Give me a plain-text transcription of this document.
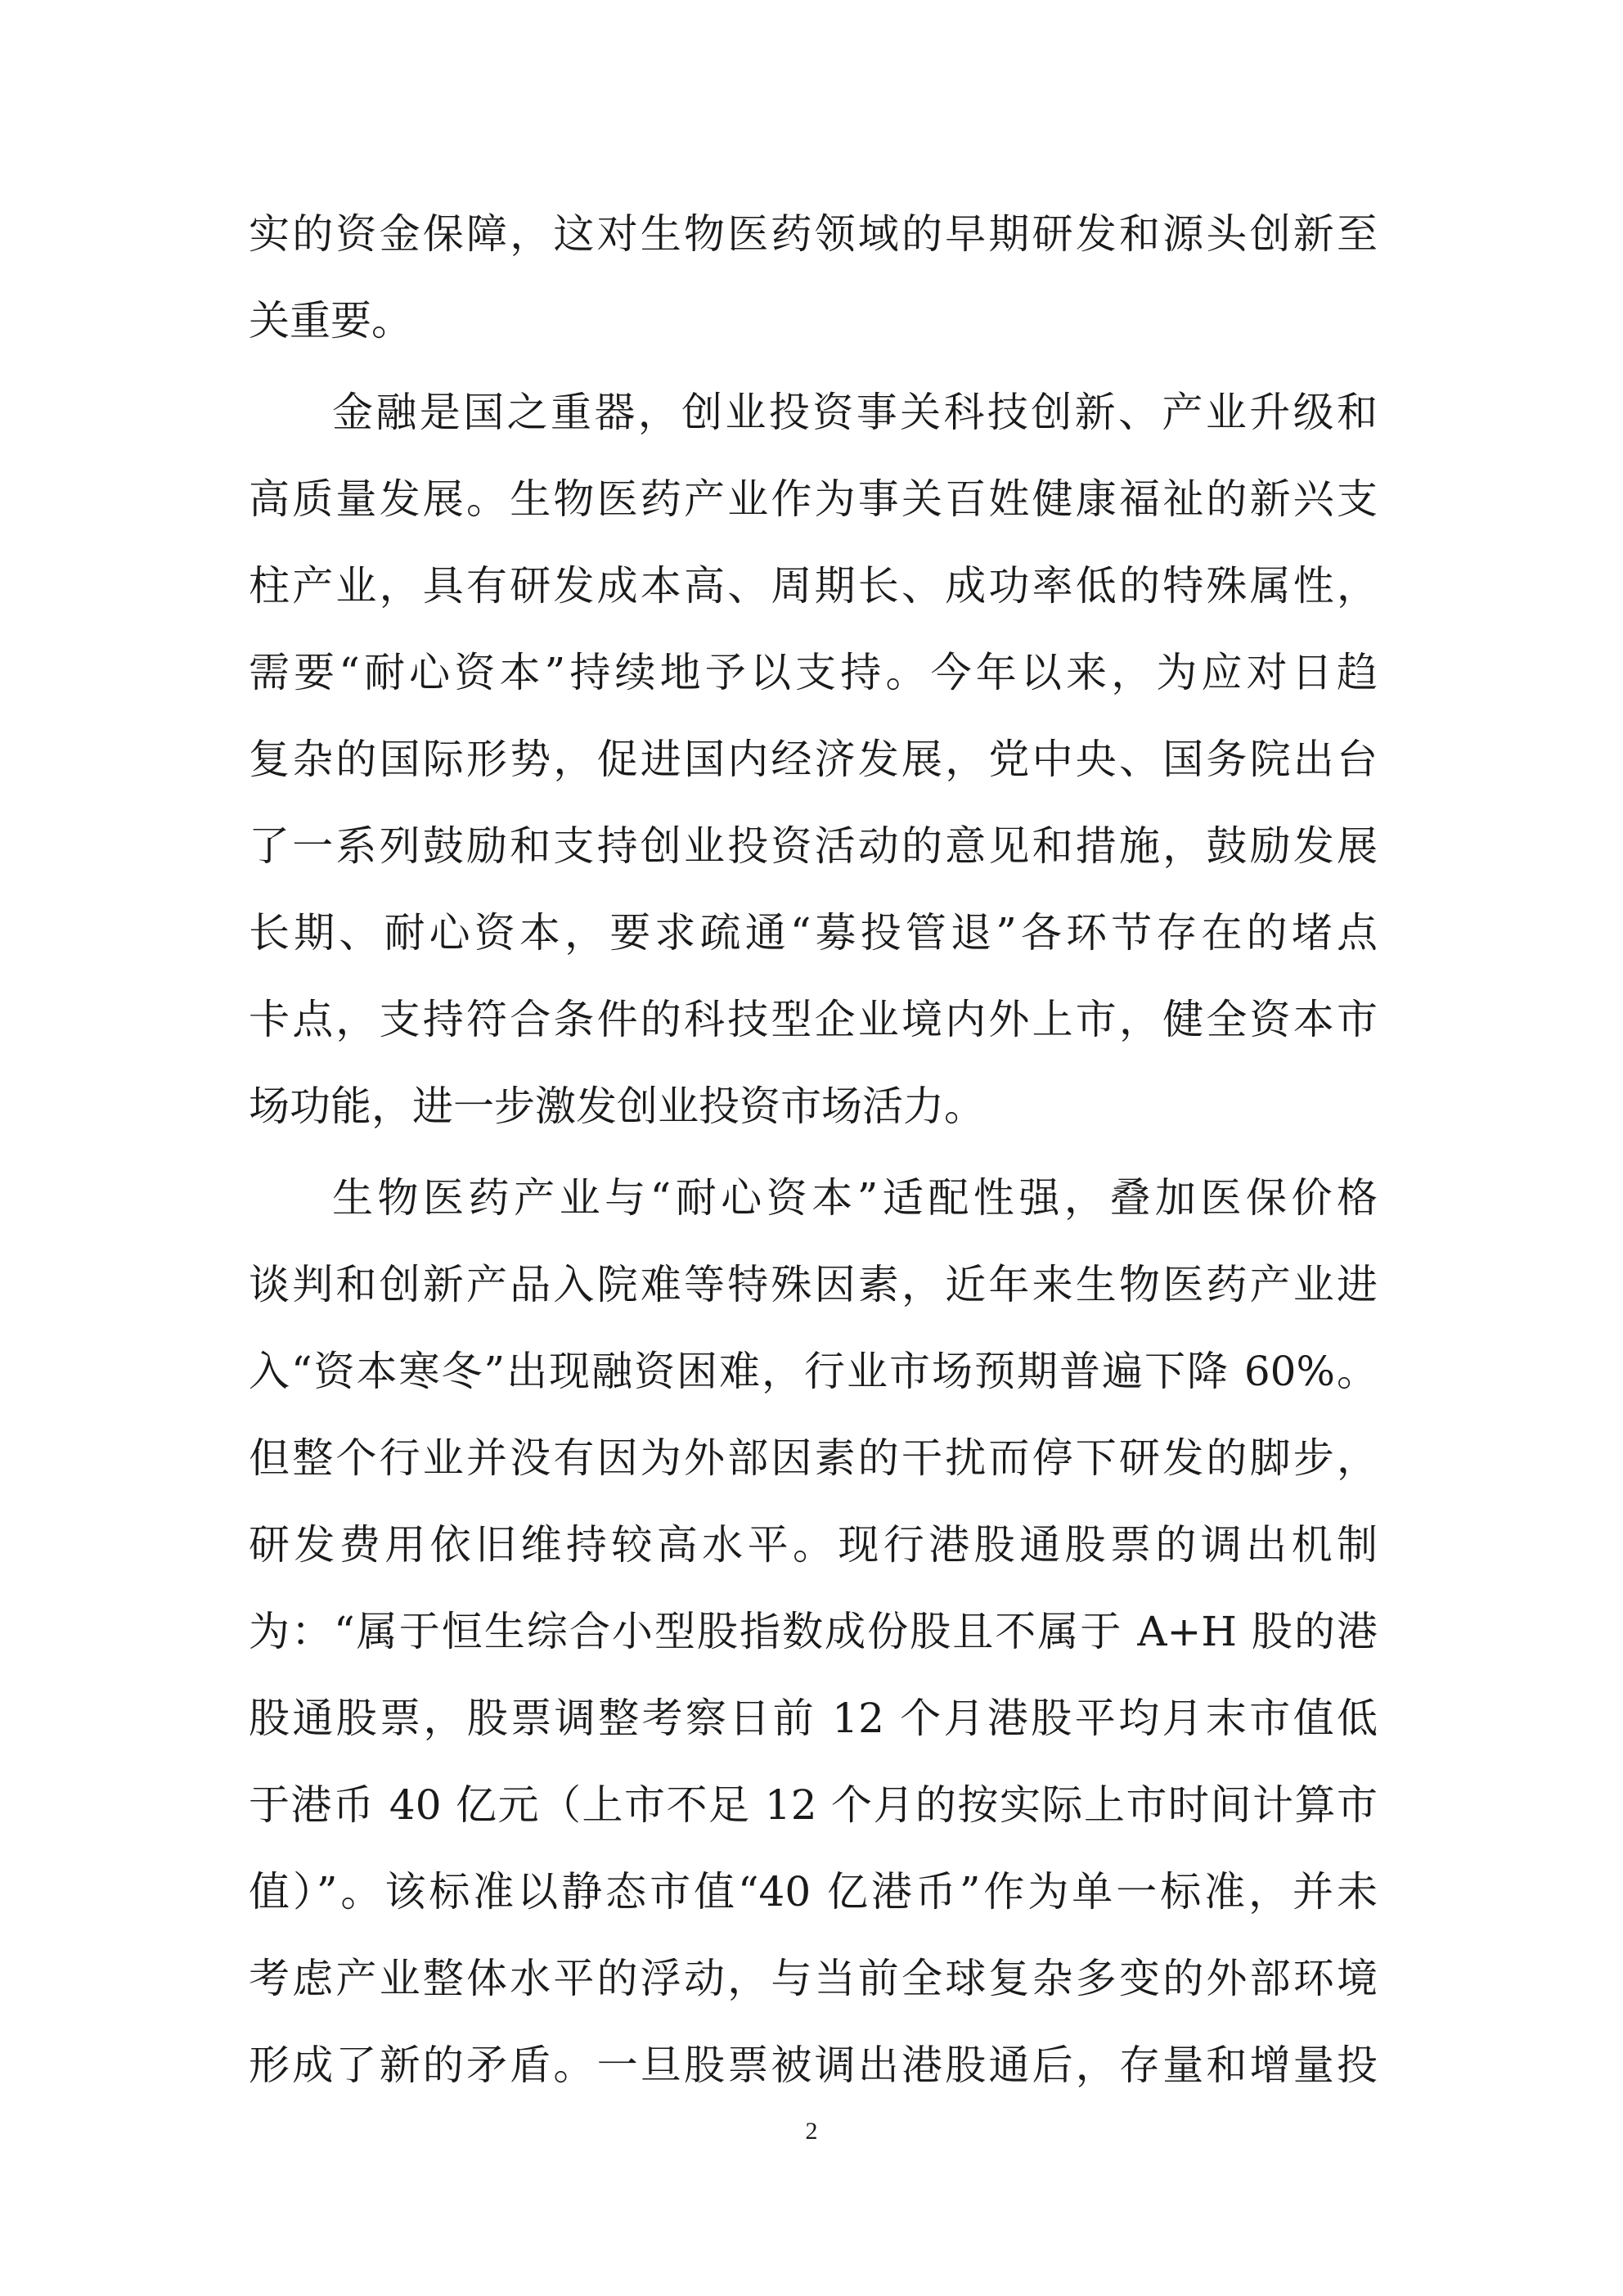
实的资金保障，这对生物医药领域的早期研发和源头创新至
关重要。
金融是国之重器，创业投资事关科技创新、产业升级和
高质量发展。生物医药产业作为事关百姓健康福祉的新兴支
柱产业，具有研发成本高、周期长、成功率低的特殊属性，
需要“耐心资本”持续地予以支持。今年以来，为应对日趋
复杂的国际形势，促进国内经济发展，党中央、国务院出台
了一系列鼓励和支持创业投资活动的意见和措施，鼓励发展
长期、耐心资本，要求疏通“募投管退”各环节存在的堵点
卡点，支持符合条件的科技型企业境内外上市，健全资本市
场功能，进一步激发创业投资市场活力。
生物医药产业与“耐心资本”适配性强，叠加医保价格
谈判和创新产品入院难等特殊因素，近年来生物医药产业进
入“资本寒冬”出现融资困难，行业市场预期普遍下降 60%。
但整个行业并没有因为外部因素的干扰而停下研发的脚步，
研发费用依旧维持较高水平。现行港股通股票的调出机制
为：“属于恒生综合小型股指数成份股且不属于 A+H 股的港
股通股票，股票调整考察日前 12 个月港股平均月末市值低
于港币 40 亿元（上市不足 12 个月的按实际上市时间计算市
值）”。该标准以静态市值“40 亿港币”作为单一标准，并未
考虑产业整体水平的浮动，与当前全球复杂多变的外部环境
形成了新的矛盾。一旦股票被调出港股通后，存量和增量投
2
